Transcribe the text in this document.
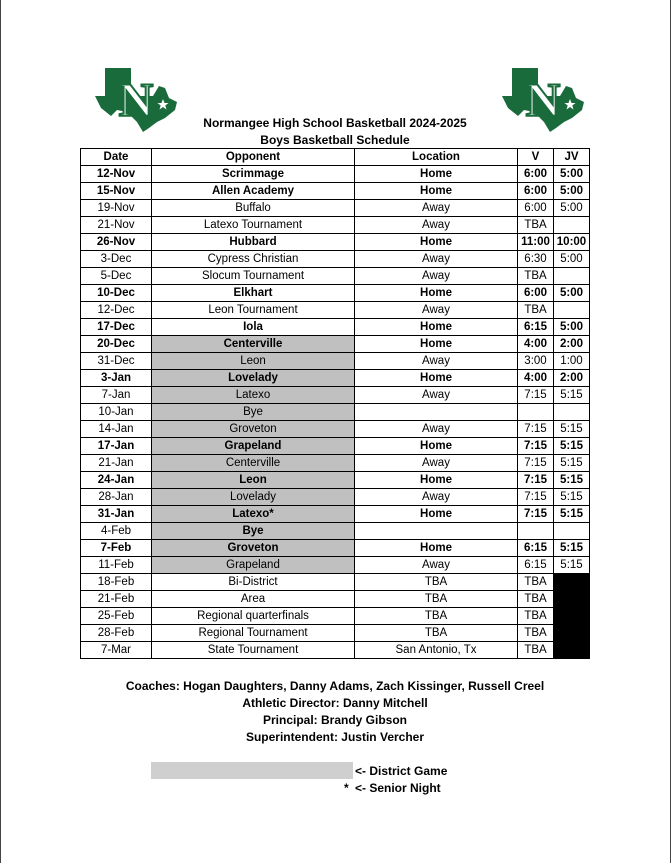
N	N
Normangee High School Basketball 2024-2025
Boys Basketball Schedule
Date	Opponent	Location	V	JV
12-Nov	Scrimmage	Home	6:00	5:00
15-Nov	Allen Academy	Home	6:00	5:00
19-Nov	Buffalo	Away	6:00	5:00
21-Nov	Latexo Tournament	Away	TBA	
26-Nov	Hubbard	Home	11:00	10:00
3-Dec	Cypress Christian	Away	6:30	5:00
5-Dec	Slocum Tournament	Away	TBA	
10-Dec	Elkhart	Home	6:00	5:00
12-Dec	Leon Tournament	Away	TBA	
17-Dec	Iola	Home	6:15	5:00
20-Dec	Centerville	Home	4:00	2:00
31-Dec	Leon	Away	3:00	1:00
3-Jan	Lovelady	Home	4:00	2:00
7-Jan	Latexo	Away	7:15	5:15
10-Jan	Bye			
14-Jan	Groveton	Away	7:15	5:15
17-Jan	Grapeland	Home	7:15	5:15
21-Jan	Centerville	Away	7:15	5:15
24-Jan	Leon	Home	7:15	5:15
28-Jan	Lovelady	Away	7:15	5:15
31-Jan	Latexo*	Home	7:15	5:15
4-Feb	Bye			
7-Feb	Groveton	Home	6:15	5:15
11-Feb	Grapeland	Away	6:15	5:15
18-Feb	Bi-District	TBA	TBA	
21-Feb	Area	TBA	TBA	
25-Feb	Regional quarterfinals	TBA	TBA	
28-Feb	Regional Tournament	TBA	TBA	
7-Mar	State Tournament	San Antonio, Tx	TBA	
Coaches: Hogan Daughters, Danny Adams, Zach Kissinger, Russell Creel
Athletic Director: Danny Mitchell
Principal: Brandy Gibson
Superintendent: Justin Vercher
<- District Game
* <- Senior Night
